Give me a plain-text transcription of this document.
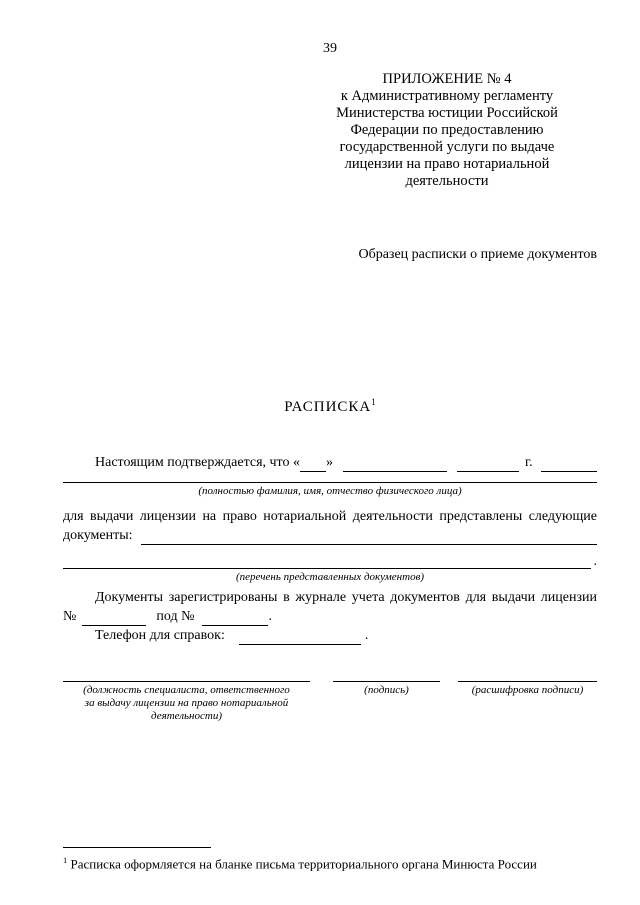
39
ПРИЛОЖЕНИЕ № 4
к Административному регламенту
Министерства юстиции Российской
Федерации по предоставлению
государственной услуги по выдаче
лицензии на право нотариальной
деятельности
Образец расписки о приеме документов
РАСПИСКА$^1$
Настоящим подтверждается, что « »	г.
(полностью фамилия, имя, отчество физического лица)
для выдачи лицензии на право нотариальной деятельности представлены следующие
документы:
.
(перечень представленных документов)
Документы зарегистрированы в журнале учета документов для выдачи лицензии
№	под №	.
Телефон для справок:	.
(должность специалиста, ответственного за выдачу лицензии на право нотариальной деятельности)
(подпись)	(расшифровка подписи)
$^1$ Расписка оформляется на бланке письма территориального органа Минюста России
